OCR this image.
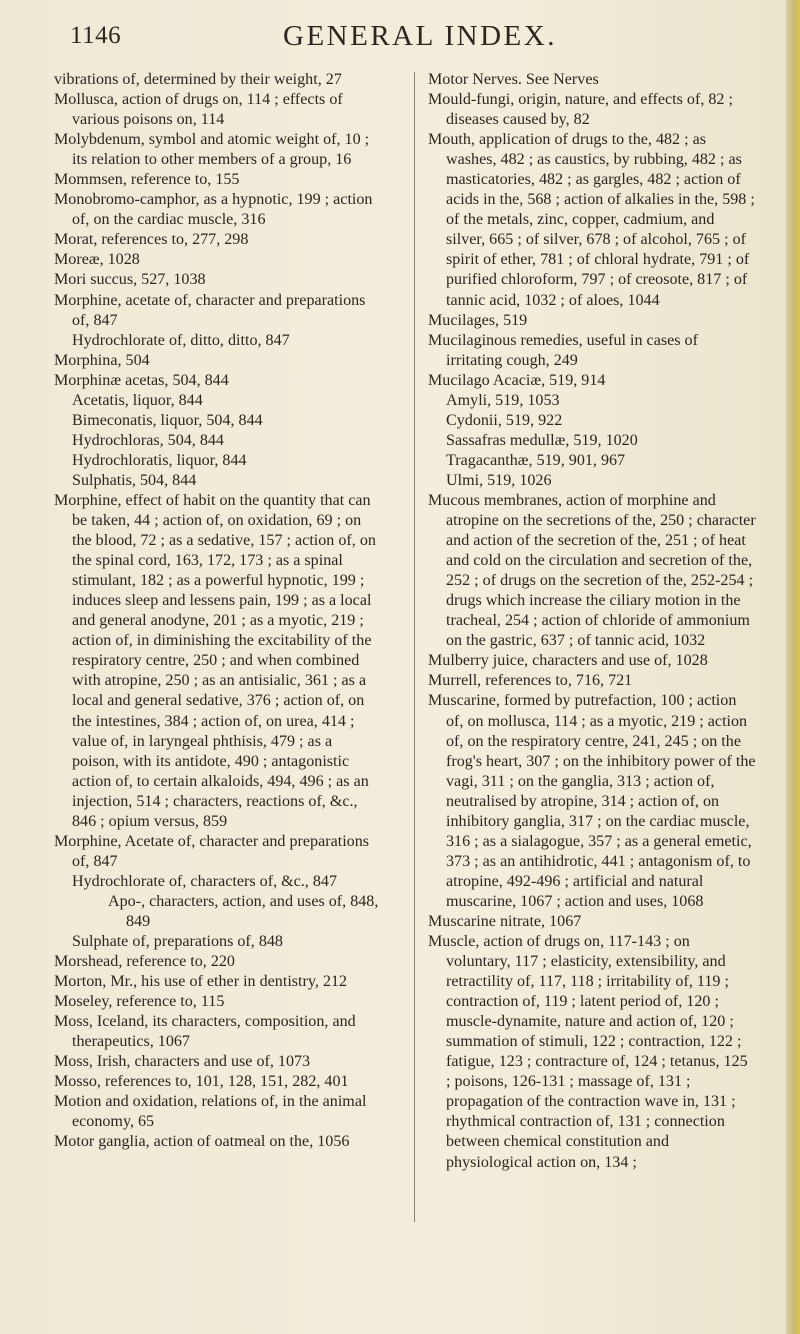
1146	GENERAL INDEX.

vibrations of, determined by their weight, 27

Mollusca, action of drugs on, 114 ; effects of various poisons on, 114

Molybdenum, symbol and atomic weight of, 10 ; its relation to other members of a group, 16

Mommsen, reference to, 155

Monobromo-camphor, as a hypnotic, 199 ; action of, on the cardiac muscle, 316

Morat, references to, 277, 298

Moreæ, 1028

Mori succus, 527, 1038

Morphine, acetate of, character and preparations of, 847

Hydrochlorate of, ditto, ditto, 847

Morphina, 504

Morphinæ acetas, 504, 844

Acetatis, liquor, 844

Bimeconatis, liquor, 504, 844

Hydrochloras, 504, 844

Hydrochloratis, liquor, 844

Sulphatis, 504, 844

Morphine, effect of habit on the quantity that can be taken, 44 ; action of, on oxidation, 69 ; on the blood, 72 ; as a sedative, 157 ; action of, on the spinal cord, 163, 172, 173 ; as a spinal stimulant, 182 ; as a powerful hypnotic, 199 ; induces sleep and lessens pain, 199 ; as a local and general anodyne, 201 ; as a myotic, 219 ; action of, in diminishing the excitability of the respiratory centre, 250 ; and when combined with atropine, 250 ; as an antisialic, 361 ; as a local and general sedative, 376 ; action of, on the intestines, 384 ; action of, on urea, 414 ; value of, in laryngeal phthisis, 479 ; as a poison, with its antidote, 490 ; antagonistic action of, to certain alkaloids, 494, 496 ; as an injection, 514 ; characters, reactions of, &c., 846 ; opium versus, 859

Morphine, Acetate of, character and preparations of, 847

Hydrochlorate of, characters of, &c., 847

Apo-, characters, action, and uses of, 848, 849

Sulphate of, preparations of, 848

Morshead, reference to, 220

Morton, Mr., his use of ether in dentistry, 212

Moseley, reference to, 115

Moss, Iceland, its characters, composition, and therapeutics, 1067

Moss, Irish, characters and use of, 1073

Mosso, references to, 101, 128, 151, 282, 401

Motion and oxidation, relations of, in the animal economy, 65

Motor ganglia, action of oatmeal on the, 1056

Motor Nerves. See Nerves

Mould-fungi, origin, nature, and effects of, 82 ; diseases caused by, 82

Mouth, application of drugs to the, 482 ; as washes, 482 ; as caustics, by rubbing, 482 ; as masticatories, 482 ; as gargles, 482 ; action of acids in the, 568 ; action of alkalies in the, 598 ; of the metals, zinc, copper, cadmium, and silver, 665 ; of silver, 678 ; of alcohol, 765 ; of spirit of ether, 781 ; of chloral hydrate, 791 ; of purified chloroform, 797 ; of creosote, 817 ; of tannic acid, 1032 ; of aloes, 1044

Mucilages, 519

Mucilaginous remedies, useful in cases of irritating cough, 249

Mucilago Acaciæ, 519, 914

Amyli, 519, 1053

Cydonii, 519, 922

Sassafras medullæ, 519, 1020

Tragacanthæ, 519, 901, 967

Ulmi, 519, 1026

Mucous membranes, action of morphine and atropine on the secretions of the, 250 ; character and action of the secretion of the, 251 ; of heat and cold on the circulation and secretion of the, 252 ; of drugs on the secretion of the, 252-254 ; drugs which increase the ciliary motion in the tracheal, 254 ; action of chloride of ammonium on the gastric, 637 ; of tannic acid, 1032

Mulberry juice, characters and use of, 1028

Murrell, references to, 716, 721

Muscarine, formed by putrefaction, 100 ; action of, on mollusca, 114 ; as a myotic, 219 ; action of, on the respiratory centre, 241, 245 ; on the frog's heart, 307 ; on the inhibitory power of the vagi, 311 ; on the ganglia, 313 ; action of, neutralised by atropine, 314 ; action of, on inhibitory ganglia, 317 ; on the cardiac muscle, 316 ; as a sialagogue, 357 ; as a general emetic, 373 ; as an antihidrotic, 441 ; antagonism of, to atropine, 492-496 ; artificial and natural muscarine, 1067 ; action and uses, 1068

Muscarine nitrate, 1067

Muscle, action of drugs on, 117-143 ; on voluntary, 117 ; elasticity, extensibility, and retractility of, 117, 118 ; irritability of, 119 ; contraction of, 119 ; latent period of, 120 ; muscle-dynamite, nature and action of, 120 ; summation of stimuli, 122 ; contraction, 122 ; fatigue, 123 ; contracture of, 124 ; tetanus, 125 ; poisons, 126-131 ; massage of, 131 ; propagation of the contraction wave in, 131 ; rhythmical contraction of, 131 ; connection between chemical constitution and physiological action on, 134 ;
